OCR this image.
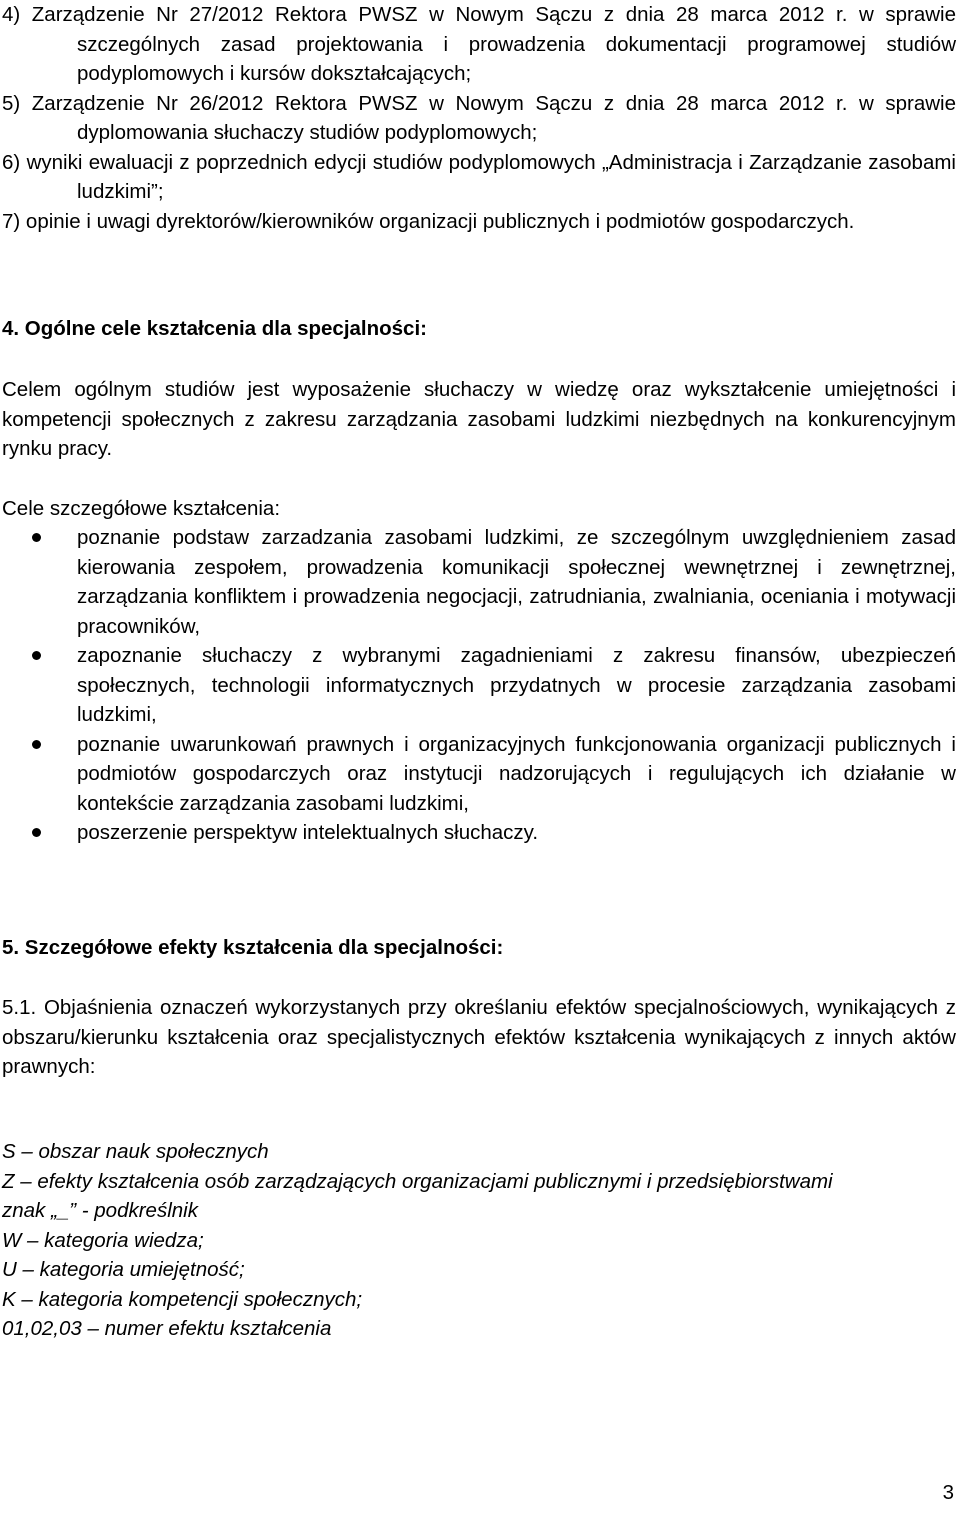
4) Zarządzenie Nr 27/2012 Rektora PWSZ w Nowym Sączu z dnia 28 marca 2012 r. w sprawie szczególnych zasad projektowania i prowadzenia dokumentacji programowej studiów podyplomowych i kursów dokształcających;
5) Zarządzenie Nr 26/2012 Rektora PWSZ w Nowym Sączu z dnia 28 marca 2012 r. w sprawie dyplomowania słuchaczy studiów podyplomowych;
6) wyniki ewaluacji z poprzednich edycji studiów podyplomowych „Administracja i Zarządzanie zasobami ludzkimi”;
7) opinie i uwagi dyrektorów/kierowników organizacji publicznych i podmiotów gospodarczych.
4. Ogólne cele kształcenia dla specjalności:
Celem ogólnym studiów jest wyposażenie słuchaczy w wiedzę oraz wykształcenie umiejętności i kompetencji społecznych z zakresu zarządzania zasobami ludzkimi niezbędnych na konkurencyjnym rynku pracy.
Cele szczegółowe kształcenia:
poznanie podstaw zarzadzania zasobami ludzkimi, ze szczególnym uwzględnieniem zasad kierowania zespołem, prowadzenia komunikacji społecznej wewnętrznej i zewnętrznej, zarządzania konfliktem i prowadzenia negocjacji, zatrudniania, zwalniania, oceniania i motywacji pracowników,
zapoznanie słuchaczy z wybranymi zagadnieniami z zakresu finansów, ubezpieczeń społecznych, technologii informatycznych przydatnych w procesie zarządzania zasobami ludzkimi,
poznanie uwarunkowań prawnych i organizacyjnych funkcjonowania organizacji publicznych i podmiotów gospodarczych oraz instytucji nadzorujących i regulujących ich działanie w kontekście zarządzania zasobami ludzkimi,
poszerzenie perspektyw intelektualnych słuchaczy.
5. Szczegółowe efekty kształcenia dla specjalności:
5.1. Objaśnienia oznaczeń wykorzystanych przy określaniu efektów specjalnościowych, wynikających z obszaru/kierunku kształcenia oraz specjalistycznych efektów kształcenia wynikających z innych aktów prawnych:
S – obszar nauk społecznych
Z – efekty kształcenia osób zarządzających organizacjami publicznymi i przedsiębiorstwami
znak „_” - podkreślnik
W – kategoria wiedza;
U – kategoria umiejętność;
K – kategoria kompetencji społecznych;
01,02,03 – numer efektu kształcenia
3
